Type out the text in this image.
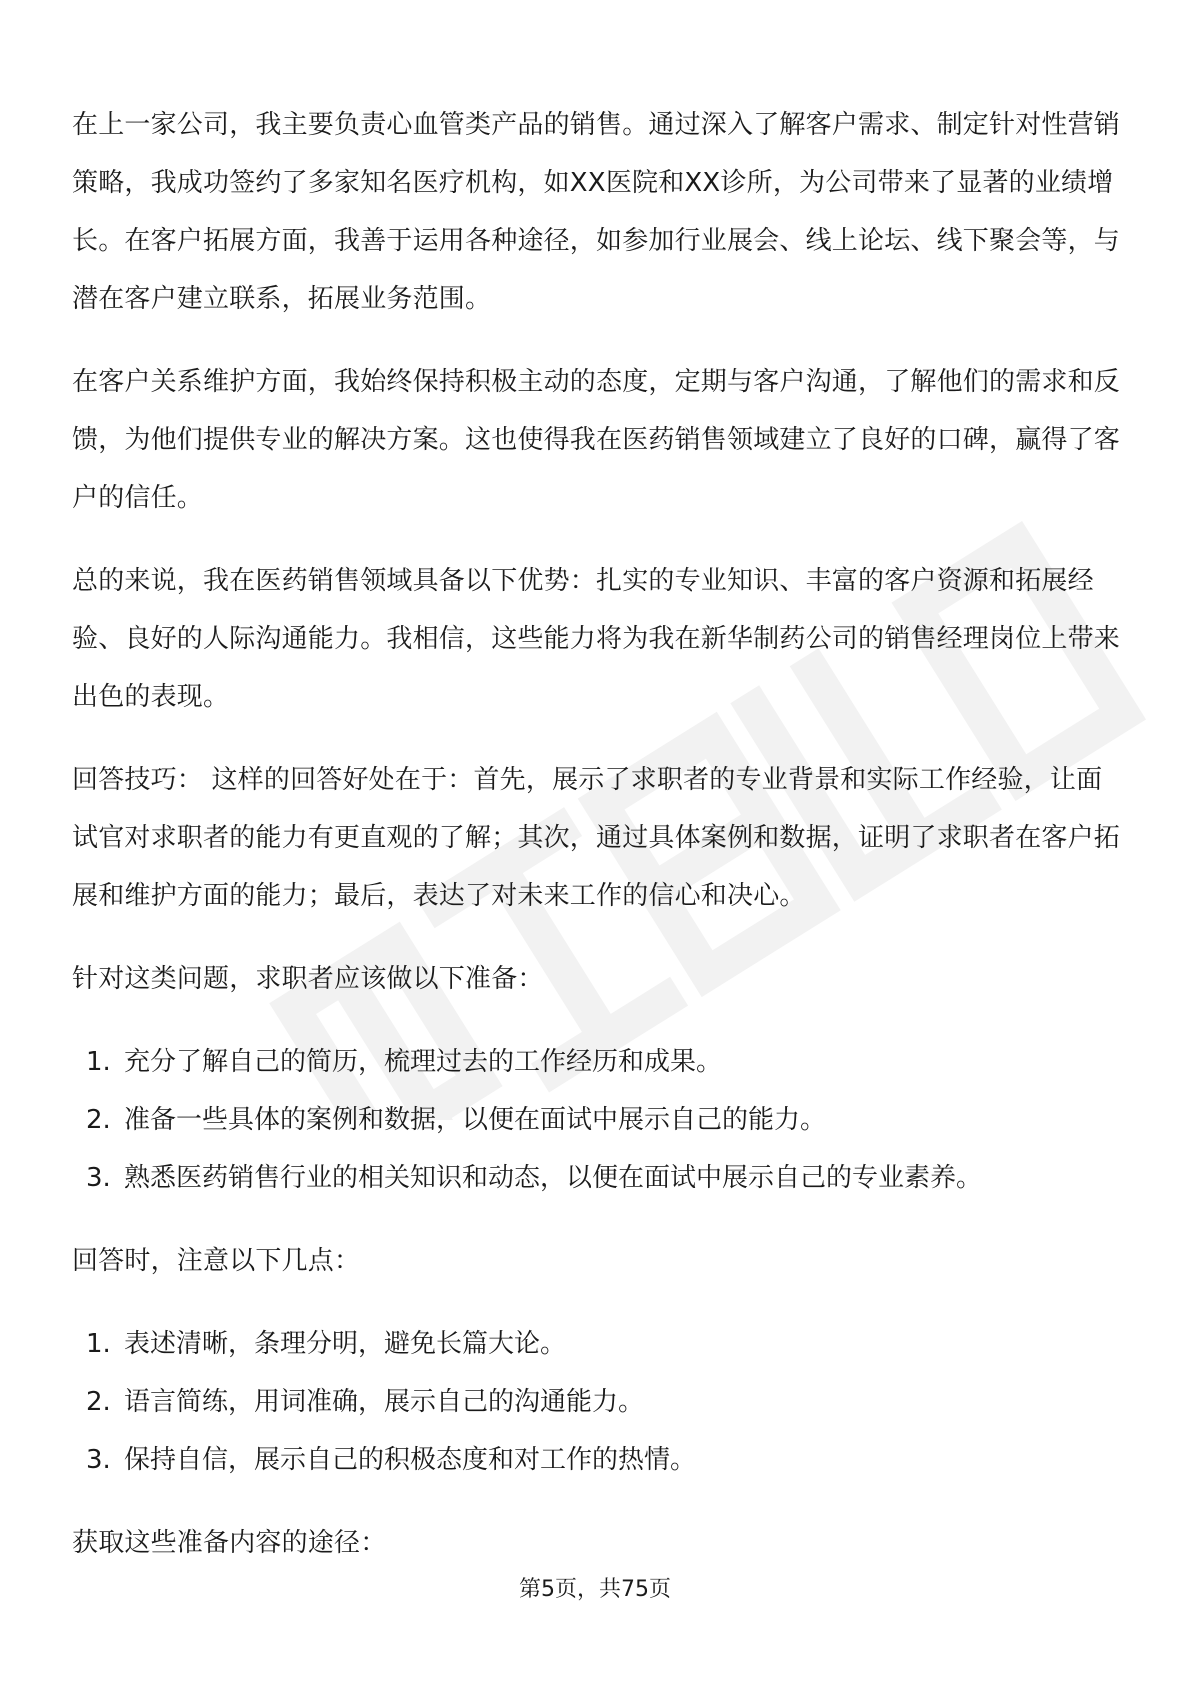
在上一家公司，我主要负责心血管类产品的销售。通过深入了解客户需求、制定针对性营销策略，我成功签约了多家知名医疗机构，如XX医院和XX诊所，为公司带来了显著的业绩增长。在客户拓展方面，我善于运用各种途径，如参加行业展会、线上论坛、线下聚会等，与潜在客户建立联系，拓展业务范围。

在客户关系维护方面，我始终保持积极主动的态度，定期与客户沟通，了解他们的需求和反馈，为他们提供专业的解决方案。这也使得我在医药销售领域建立了良好的口碑，赢得了客户的信任。

总的来说，我在医药销售领域具备以下优势：扎实的专业知识、丰富的客户资源和拓展经验、良好的人际沟通能力。我相信，这些能力将为我在新华制药公司的销售经理岗位上带来出色的表现。

回答技巧： 这样的回答好处在于：首先，展示了求职者的专业背景和实际工作经验，让面试官对求职者的能力有更直观的了解；其次，通过具体案例和数据，证明了求职者在客户拓展和维护方面的能力；最后，表达了对未来工作的信心和决心。

针对这类问题，求职者应该做以下准备：

1. 充分了解自己的简历，梳理过去的工作经历和成果。
2. 准备一些具体的案例和数据，以便在面试中展示自己的能力。
3. 熟悉医药销售行业的相关知识和动态，以便在面试中展示自己的专业素养。

回答时，注意以下几点：

1. 表述清晰，条理分明，避免长篇大论。
2. 语言简练，用词准确，展示自己的沟通能力。
3. 保持自信，展示自己的积极态度和对工作的热情。

获取这些准备内容的途径：

第5页，共75页
